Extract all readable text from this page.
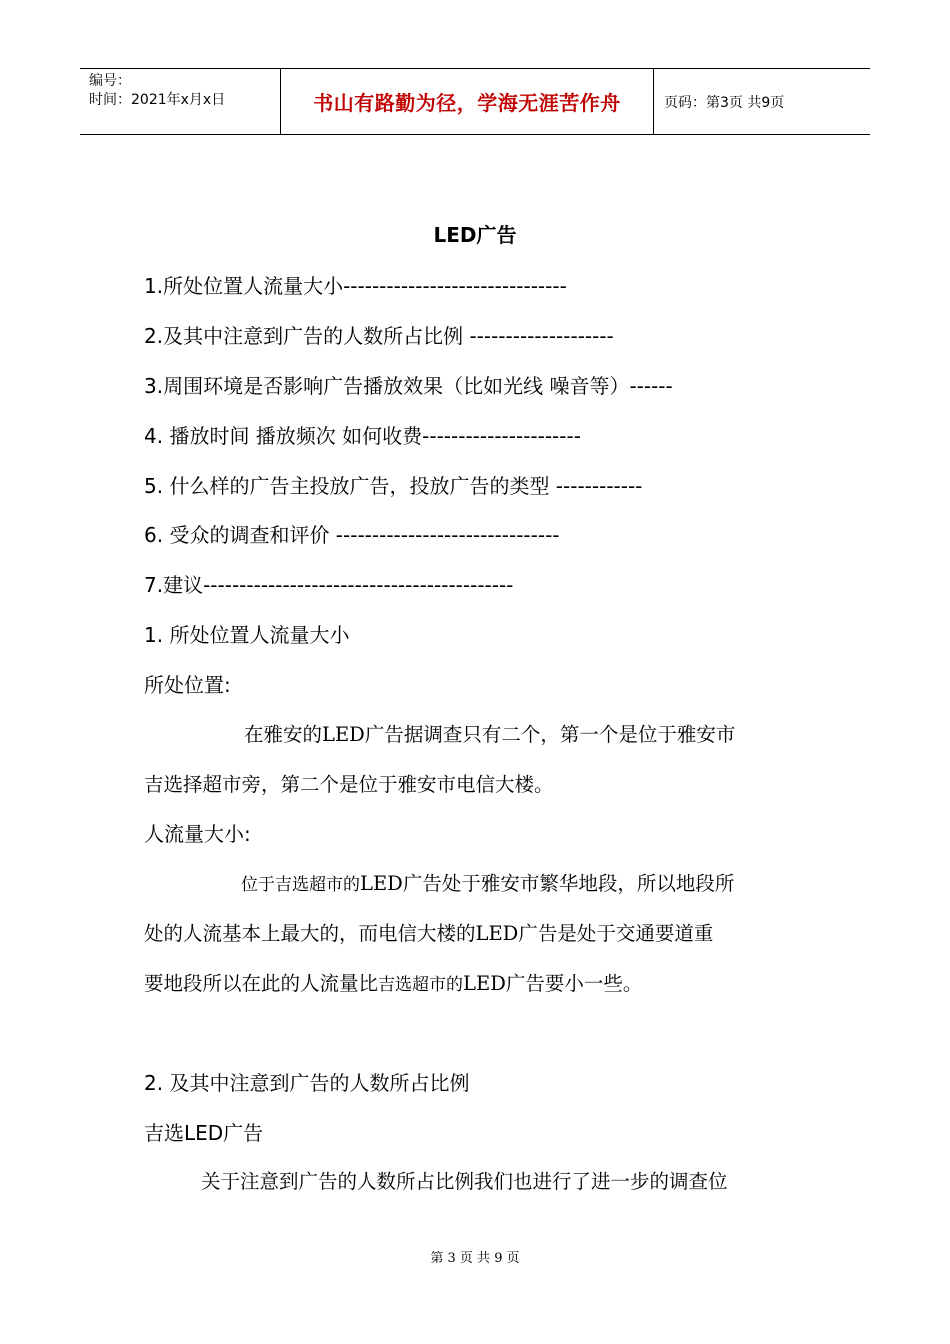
编号：
时间：2021年x月x日	书山有路勤为径，学海无涯苦作舟	页码：第3页 共9页
LED广告
1.所处位置人流量大小-------------------------------
2.及其中注意到广告的人数所占比例 --------------------
3.周围环境是否影响广告播放效果（比如光线 噪音等）------
4. 播放时间 播放频次 如何收费----------------------
5. 什么样的广告主投放广告，投放广告的类型 ------------
6. 受众的调查和评价 -------------------------------
7.建议-------------------------------------------
1. 所处位置人流量大小
所处位置:
在雅安的LED广告据调查只有二个，第一个是位于雅安市
吉选择超市旁，第二个是位于雅安市电信大楼。
人流量大小:
位于吉选超市的LED广告处于雅安市繁华地段，所以地段所
处的人流基本上最大的，而电信大楼的LED广告是处于交通要道重
要地段所以在此的人流量比吉选超市的LED广告要小一些。
2. 及其中注意到广告的人数所占比例
吉选LED广告
关于注意到广告的人数所占比例我们也进行了进一步的调查位
第 3 页 共 9 页
